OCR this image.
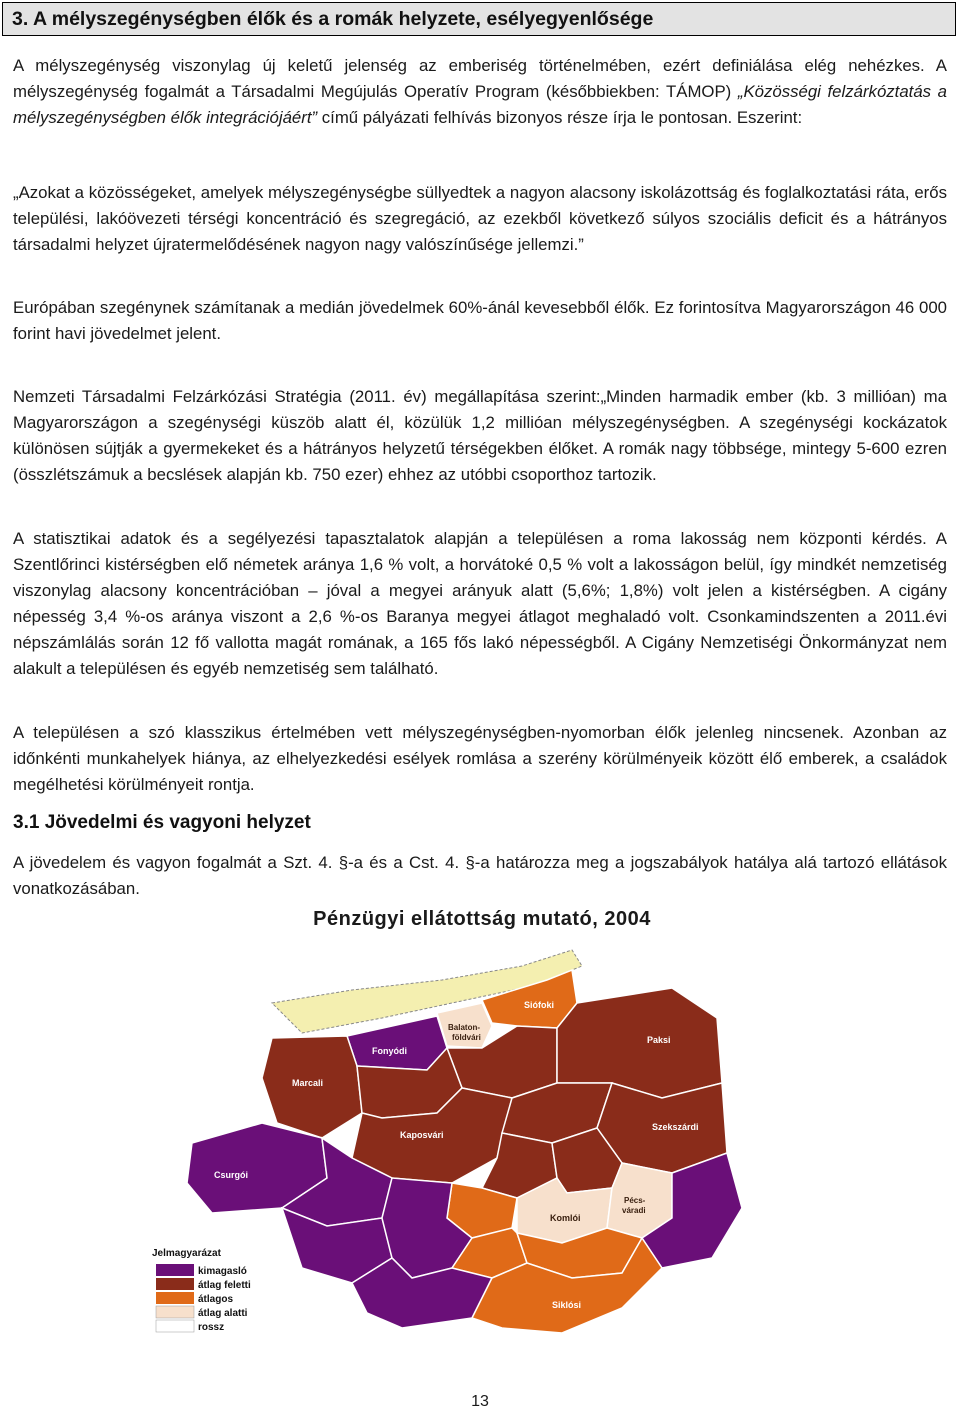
3. A mélyszegénységben élők és a romák helyzete, esélyegyenlősége
A mélyszegénység viszonylag új keletű jelenség az emberiség történelmében, ezért definiálása elég nehézkes. A mélyszegénység fogalmát a Társadalmi Megújulás Operatív Program (későbbiekben: TÁMOP) „Közösségi felzárkóztatás a mélyszegénységben élők integrációjáért” című pályázati felhívás bizonyos része írja le pontosan. Eszerint:
„Azokat a közösségeket, amelyek mélyszegénységbe süllyedtek a nagyon alacsony iskolázottság és foglalkoztatási ráta, erős települési, lakóövezeti térségi koncentráció és szegregáció, az ezekből következő súlyos szociális deficit és a hátrányos társadalmi helyzet újratermelődésének nagyon nagy valószínűsége jellemzi.”
Európában szegénynek számítanak a medián jövedelmek 60%-ánál kevesebből élők. Ez forintosítva Magyarországon 46 000 forint havi jövedelmet jelent.
Nemzeti Társadalmi Felzárkózási Stratégia (2011. év) megállapítása szerint:„Minden harmadik ember (kb. 3 millióan) ma Magyarországon a szegénységi küszöb alatt él, közülük 1,2 millióan mélyszegénységben. A szegénységi kockázatok különösen sújtják a gyermekeket és a hátrányos helyzetű térségekben élőket. A romák nagy többsége, mintegy 5-600 ezren (összlétszámuk a becslések alapján kb. 750 ezer) ehhez az utóbbi csoporthoz tartozik.
A statisztikai adatok és a segélyezési tapasztalatok alapján a településen a roma lakosság nem központi kérdés. A Szentlőrinci kistérségben elő németek aránya 1,6 % volt, a horvátoké 0,5 % volt a lakosságon belül, így mindkét nemzetiség viszonylag alacsony koncentrációban – jóval a megyei arányuk alatt (5,6%; 1,8%) volt jelen a kistérségben. A cigány népesség 3,4 %-os aránya viszont a 2,6 %-os Baranya megyei átlagot meghaladó volt. Csonkamindszenten a 2011.évi népszámlálás során 12 fő vallotta magát romának, a 165 fős lakó népességből. A Cigány Nemzetiségi Önkormányzat nem alakult a településen és egyéb nemzetiség sem található.
A településen a szó klasszikus értelmében vett mélyszegénységben-nyomorban élők jelenleg nincsenek. Azonban az időnkénti munkahelyek hiánya, az elhelyezkedési esélyek romlása a szerény körülményeik között élő emberek, a családok megélhetési körülményeit rontja.
3.1 Jövedelmi és vagyoni helyzet
A jövedelem és vagyon fogalmát a Szt. 4. §-a és a Cst. 4. §-a határozza meg a jogszabályok hatálya alá tartozó ellátások vonatkozásában.
Pénzügyi ellátottság mutató, 2004
Siófoki
Balaton-földvári
Fonyódi
Marcali
Kaposvári
Paksi
Szekszárdi
Csurgói
Komlói
Pécs-váradi
Siklósi
Jelmagyarázat
kimagasló
átlag feletti
átlagos
átlag alatti
rossz
13
